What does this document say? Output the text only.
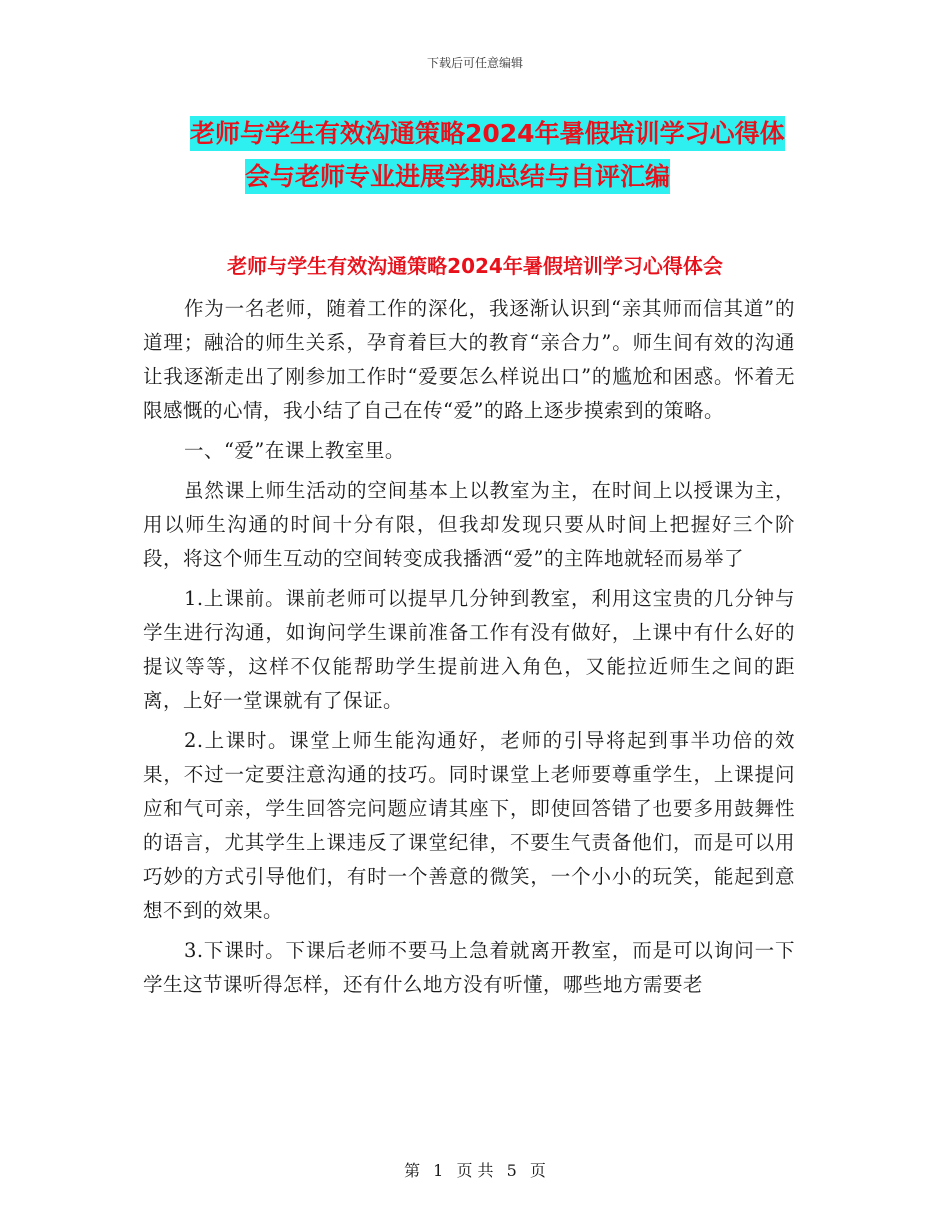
下载后可任意编辑
老师与学生有效沟通策略2024年暑假培训学习心得体
会与老师专业进展学期总结与自评汇编
老师与学生有效沟通策略2024年暑假培训学习心得体会

作为一名老师，随着工作的深化，我逐渐认识到“亲其师而信其道”的道理；融洽的师生关系，孕育着巨大的教育“亲合力”。师生间有效的沟通让我逐渐走出了刚参加工作时“爱要怎么样说出口”的尴尬和困惑。怀着无限感慨的心情，我小结了自己在传“爱”的路上逐步摸索到的策略。

一、“爱”在课上教室里。

虽然课上师生活动的空间基本上以教室为主，在时间上以授课为主，用以师生沟通的时间十分有限，但我却发现只要从时间上把握好三个阶段，将这个师生互动的空间转变成我播洒“爱”的主阵地就轻而易举了

1.上课前。课前老师可以提早几分钟到教室，利用这宝贵的几分钟与学生进行沟通，如询问学生课前准备工作有没有做好，上课中有什么好的提议等等，这样不仅能帮助学生提前进入角色，又能拉近师生之间的距离，上好一堂课就有了保证。

2.上课时。课堂上师生能沟通好，老师的引导将起到事半功倍的效果，不过一定要注意沟通的技巧。同时课堂上老师要尊重学生，上课提问应和气可亲，学生回答完问题应请其座下，即使回答错了也要多用鼓舞性的语言，尤其学生上课违反了课堂纪律，不要生气责备他们，而是可以用巧妙的方式引导他们，有时一个善意的微笑，一个小小的玩笑，能起到意想不到的效果。

3.下课时。下课后老师不要马上急着就离开教室，而是可以询问一下学生这节课听得怎样，还有什么地方没有听懂，哪些地方需要老

第 1 页 共 5 页
